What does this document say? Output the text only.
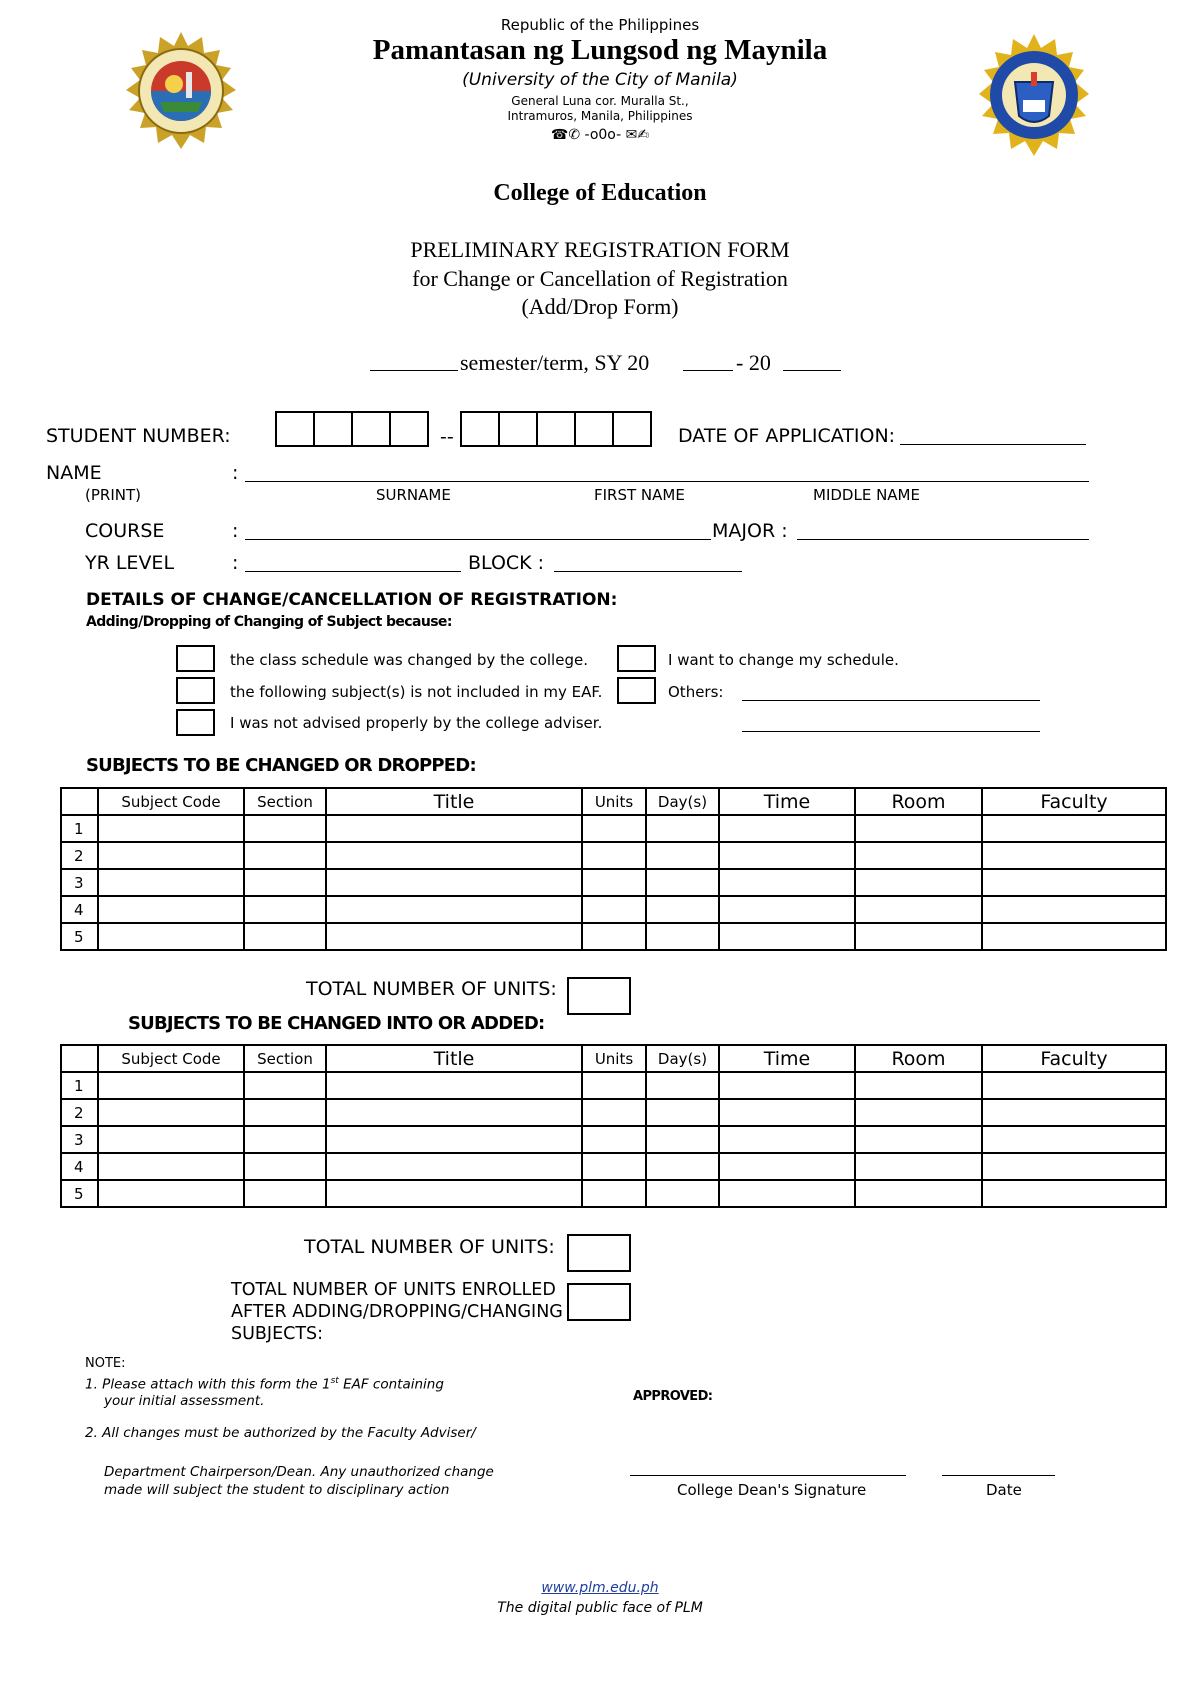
Republic of the Philippines
Pamantasan ng Lungsod ng Maynila
(University of the City of Manila)
General Luna cor. Muralla St.,
Intramuros, Manila, Philippines
☎✆ -o0o- ✉✍
College of Education
PRELIMINARY REGISTRATION FORM
for Change or Cancellation of Registration
(Add/Drop Form)
semester/term, SY 20	- 20
STUDENT NUMBER:	--	DATE OF APPLICATION:
NAME	:
(PRINT)	SURNAME	FIRST NAME	MIDDLE NAME
COURSE	:	MAJOR :
YR LEVEL	:	BLOCK :
DETAILS OF CHANGE/CANCELLATION OF REGISTRATION:
Adding/Dropping of Changing of Subject because:
the class schedule was changed by the college.
the following subject(s) is not included in my EAF.
I was not advised properly by the college adviser.
I want to change my schedule.
Others:
SUBJECTS TO BE CHANGED OR DROPPED:
	Subject Code	Section	Title	Units	Day(s)	Time	Room	Faculty
1								
2								
3								
4								
5								
TOTAL NUMBER OF UNITS:
SUBJECTS TO BE CHANGED INTO OR ADDED:
	Subject Code	Section	Title	Units	Day(s)	Time	Room	Faculty
1								
2								
3								
4								
5								
TOTAL NUMBER OF UNITS:
TOTAL NUMBER OF UNITS ENROLLED
AFTER ADDING/DROPPING/CHANGING
SUBJECTS:
NOTE:
1. Please attach with this form the 1st EAF containing
your initial assessment.
2. All changes must be authorized by the Faculty Adviser/
Department Chairperson/Dean. Any unauthorized change
made will subject the student to disciplinary action
APPROVED:
College Dean's Signature	Date
www.plm.edu.ph
The digital public face of PLM
